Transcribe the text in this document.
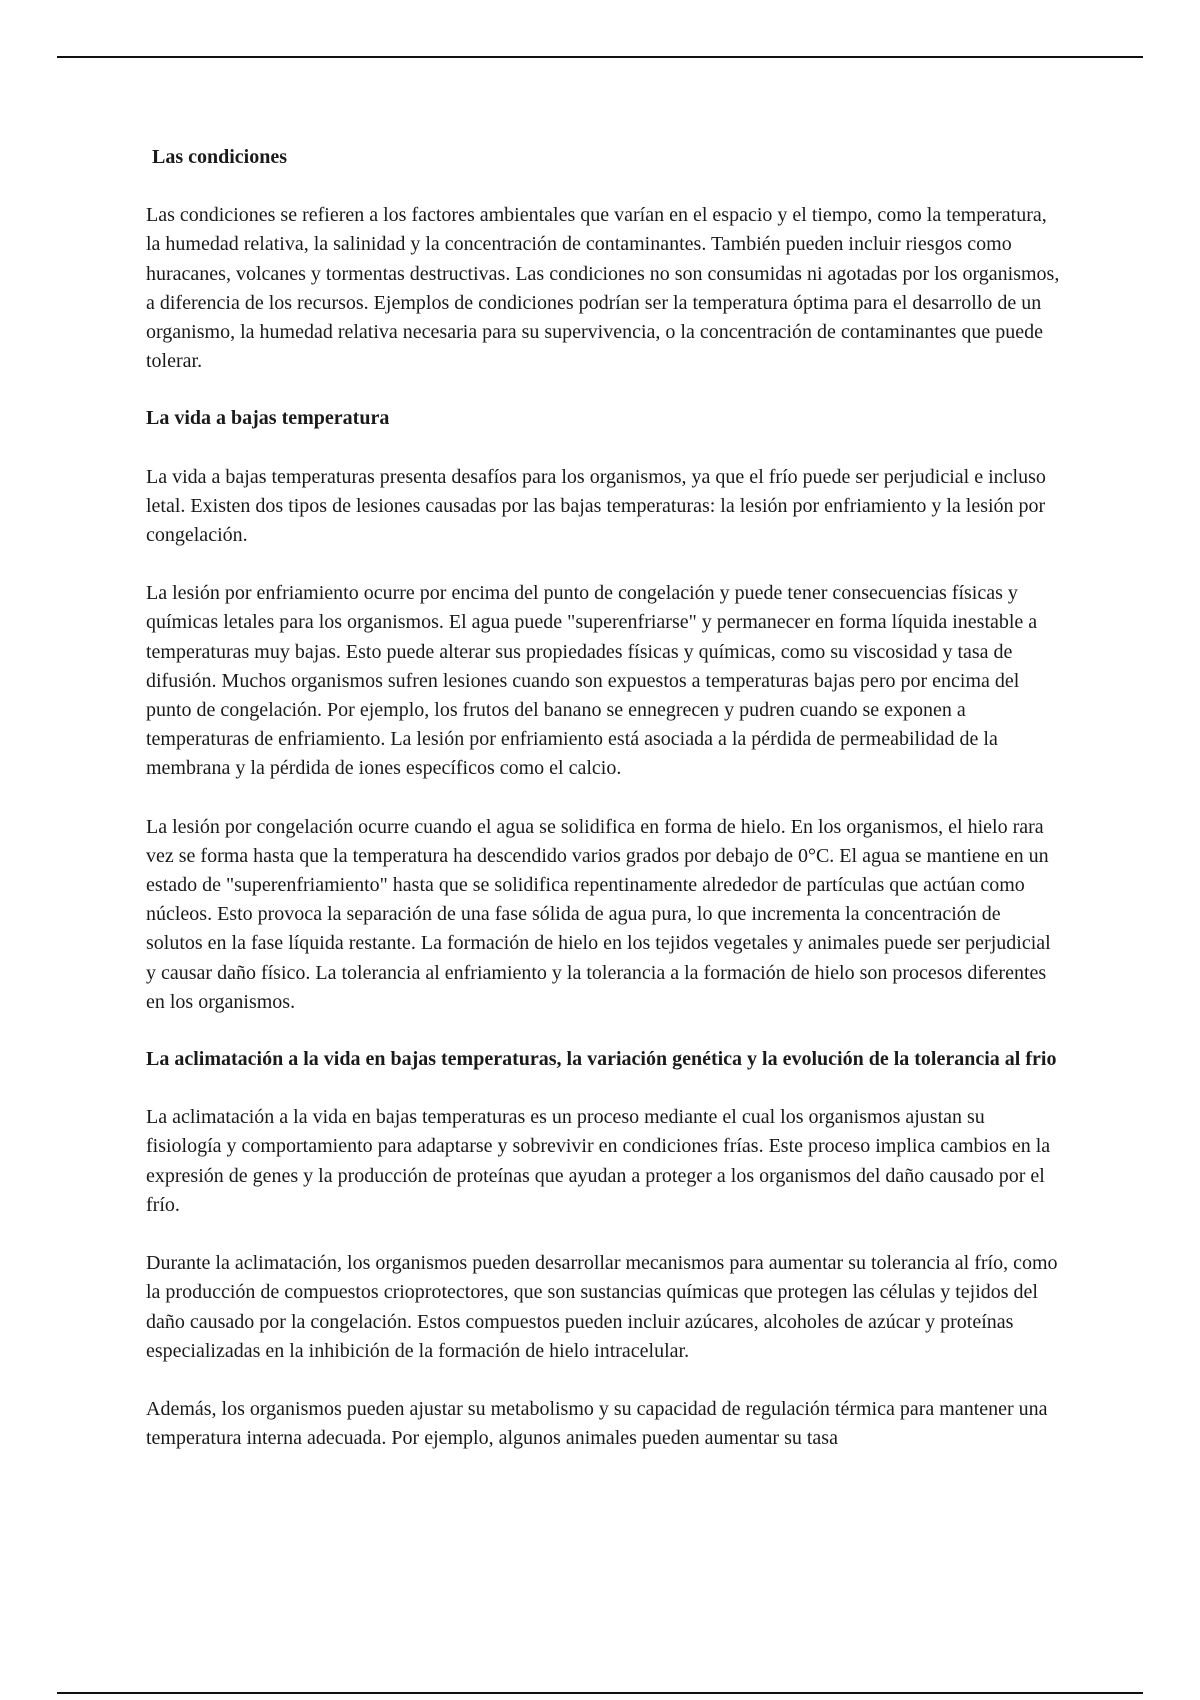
Las condiciones

Las condiciones se refieren a los factores ambientales que varían en el espacio y el tiempo, como la temperatura, la humedad relativa, la salinidad y la concentración de contaminantes. También pueden incluir riesgos como huracanes, volcanes y tormentas destructivas. Las condiciones no son consumidas ni agotadas por los organismos, a diferencia de los recursos. Ejemplos de condiciones podrían ser la temperatura óptima para el desarrollo de un organismo, la humedad relativa necesaria para su supervivencia, o la concentración de contaminantes que puede tolerar.

La vida a bajas temperatura

La vida a bajas temperaturas presenta desafíos para los organismos, ya que el frío puede ser perjudicial e incluso letal. Existen dos tipos de lesiones causadas por las bajas temperaturas: la lesión por enfriamiento y la lesión por congelación.

La lesión por enfriamiento ocurre por encima del punto de congelación y puede tener consecuencias físicas y químicas letales para los organismos. El agua puede "superenfriarse" y permanecer en forma líquida inestable a temperaturas muy bajas. Esto puede alterar sus propiedades físicas y químicas, como su viscosidad y tasa de difusión. Muchos organismos sufren lesiones cuando son expuestos a temperaturas bajas pero por encima del punto de congelación. Por ejemplo, los frutos del banano se ennegrecen y pudren cuando se exponen a temperaturas de enfriamiento. La lesión por enfriamiento está asociada a la pérdida de permeabilidad de la membrana y la pérdida de iones específicos como el calcio.

La lesión por congelación ocurre cuando el agua se solidifica en forma de hielo. En los organismos, el hielo rara vez se forma hasta que la temperatura ha descendido varios grados por debajo de 0°C. El agua se mantiene en un estado de "superenfriamiento" hasta que se solidifica repentinamente alrededor de partículas que actúan como núcleos. Esto provoca la separación de una fase sólida de agua pura, lo que incrementa la concentración de solutos en la fase líquida restante. La formación de hielo en los tejidos vegetales y animales puede ser perjudicial y causar daño físico. La tolerancia al enfriamiento y la tolerancia a la formación de hielo son procesos diferentes en los organismos.

La aclimatación a la vida en bajas temperaturas, la variación genética y la evolución de la tolerancia al frio

La aclimatación a la vida en bajas temperaturas es un proceso mediante el cual los organismos ajustan su fisiología y comportamiento para adaptarse y sobrevivir en condiciones frías. Este proceso implica cambios en la expresión de genes y la producción de proteínas que ayudan a proteger a los organismos del daño causado por el frío.

Durante la aclimatación, los organismos pueden desarrollar mecanismos para aumentar su tolerancia al frío, como la producción de compuestos crioprotectores, que son sustancias químicas que protegen las células y tejidos del daño causado por la congelación. Estos compuestos pueden incluir azúcares, alcoholes de azúcar y proteínas especializadas en la inhibición de la formación de hielo intracelular.

Además, los organismos pueden ajustar su metabolismo y su capacidad de regulación térmica para mantener una temperatura interna adecuada. Por ejemplo, algunos animales pueden aumentar su tasa
